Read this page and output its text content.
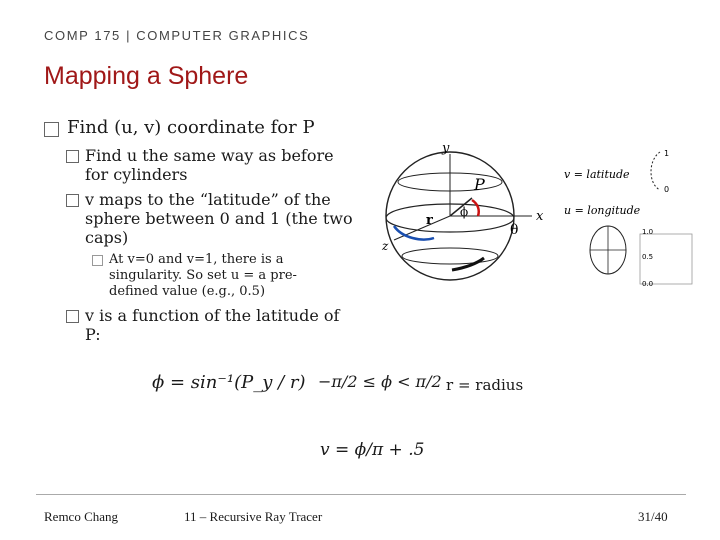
COMP 175 | COMPUTER GRAPHICS
Mapping a Sphere
Find (u, v) coordinate for P
Find u the same way as before for cylinders
v maps to the “latitude” of the sphere between 0 and 1 (the two caps)
At v=0 and v=1, there is a singularity. So set u = a pre-defined value (e.g., 0.5)
v is a function of the latitude of P:
y
x
z
P
r
ϕ
θ
v = latitude
u = longitude
1
0
1.0
0.5
0.0
ϕ = sin⁻¹(P_y / r) −π/2 ≤ ϕ < π/2 r = radius
v = ϕ/π + .5
Remco Chang	11 – Recursive Ray Tracer	31/40
